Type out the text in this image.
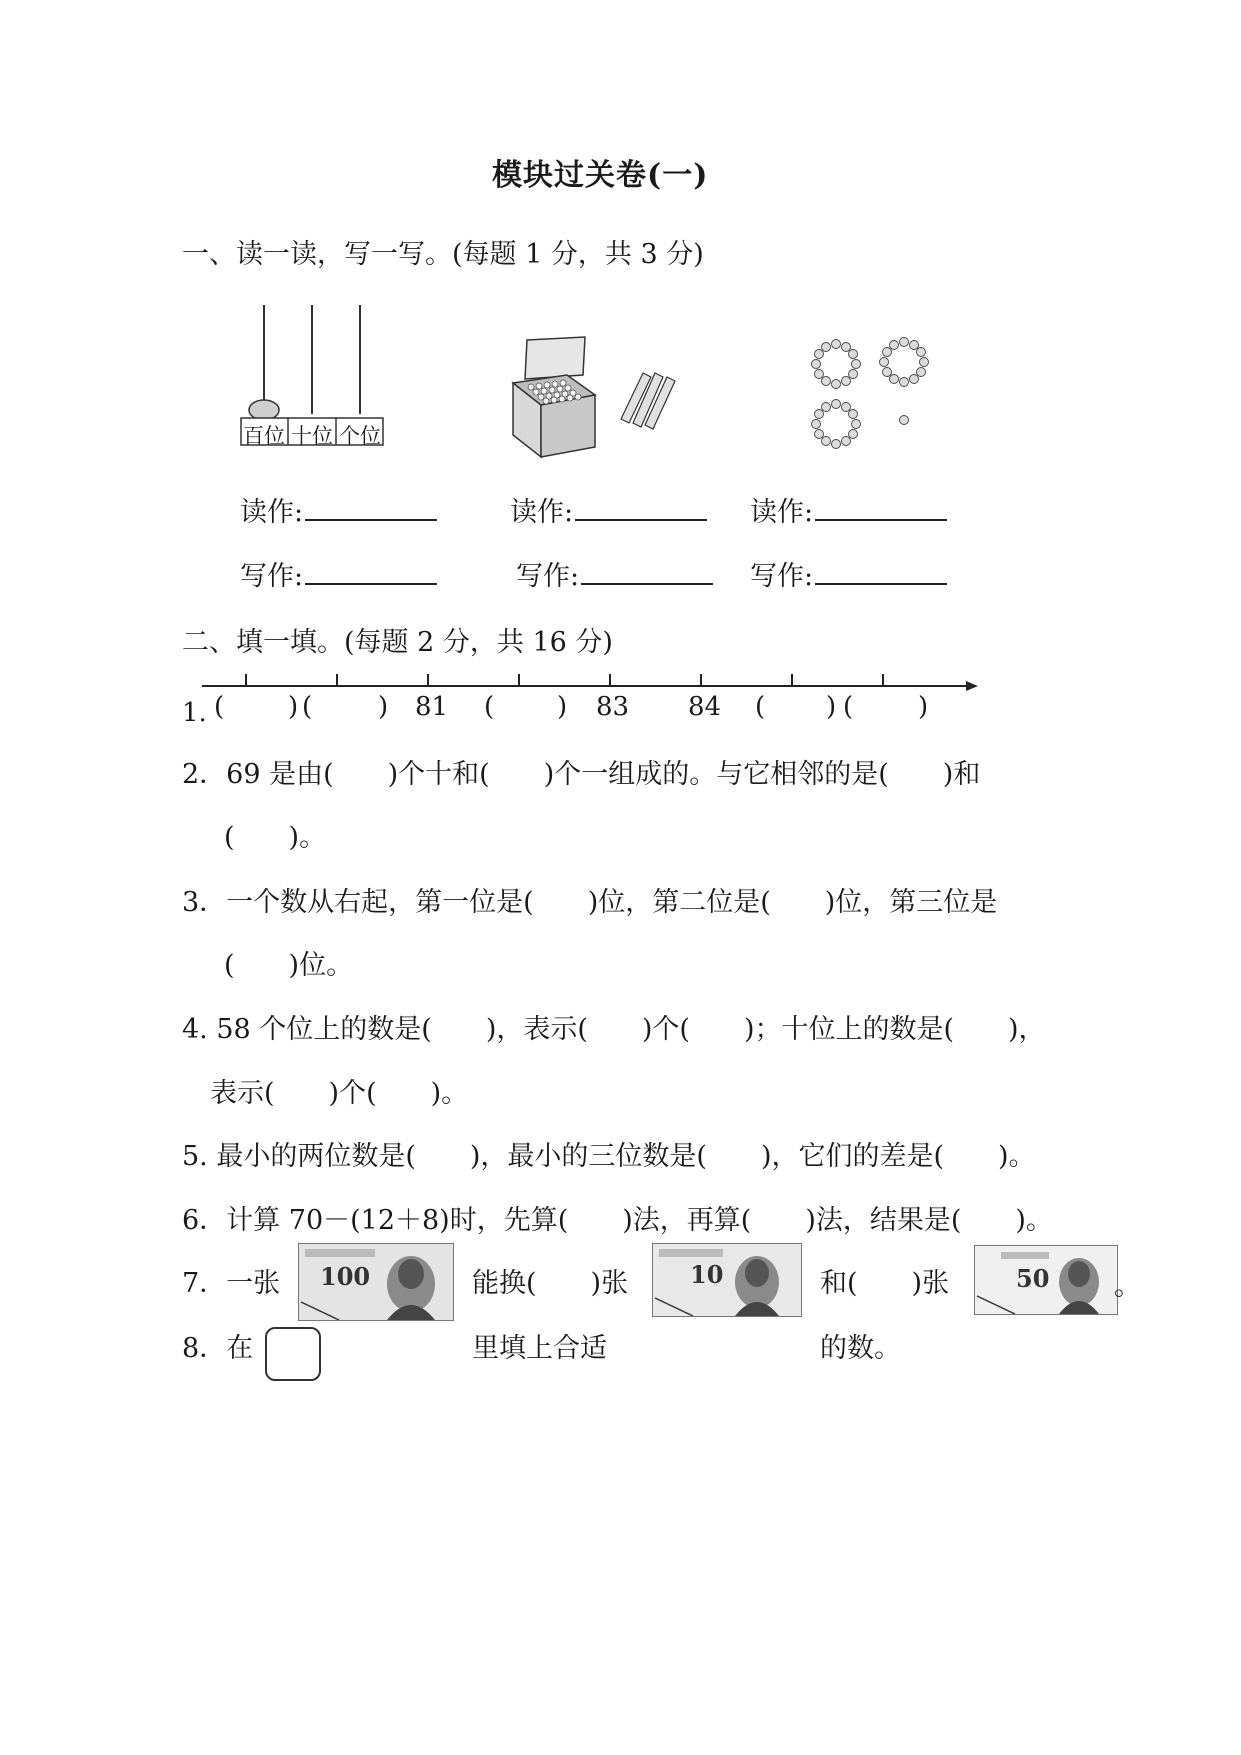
模块过关卷(一)
一、读一读，写一写。(每题 1 分，共 3 分)
百位 十位 个位
读作:	读作:	读作:
写作:	写作:	写作:
二、填一填。(每题 2 分，共 16 分)
1. ( ) (	) 81 ( ) 83 84 ( ) ( )
2．69 是由(　　)个十和(　　)个一组成的。与它相邻的是(　　)和
(　　)。
3．一个数从右起，第一位是(　　)位，第二位是(　　)位，第三位是
(　　)位。
4. 58 个位上的数是(　　)，表示(　　)个(　　)；十位上的数是(　　)，
表示(　　)个(　　)。
5. 最小的两位数是(　　)，最小的三位数是(　　)，它们的差是(　　)。
6．计算 70－(12＋8)时，先算(　　)法，再算(　　)法，结果是(　　)。
7．一张 100	能换(　　)张	10	和(　　)张	50 。
8．在	里填上合适	的数。
